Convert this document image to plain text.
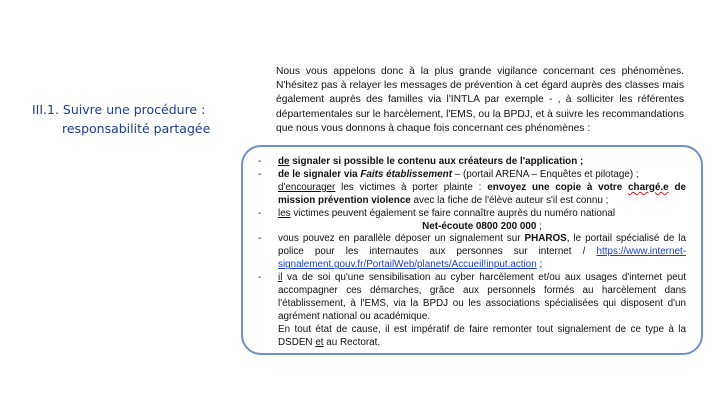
III.1. Suivre une procédure :
responsabilité partagée

Nous vous appelons donc à la plus grande vigilance concernant ces phénomènes. N'hésitez pas à relayer les messages de prévention à cet égard auprès des classes mais également auprès des familles via l'INTLA par exemple - , à solliciter les référentes départementales sur le harcèlement, l'EMS, ou la BPDJ, et à suivre les recommandations que nous vous donnons à chaque fois concernant ces phénomènes :

-	de signaler si possible le contenu aux créateurs de l'application ;
-	de le signaler via Faits établissement – (portail ARENA – Enquêtes et pilotage) ;
d'encourager les victimes à porter plainte : envoyez une copie à votre chargé.e de mission prévention violence avec la fiche de l'élève auteur s'il est connu ;
-	les victimes peuvent également se faire connaître auprès du numéro national
Net-écoute 0800 200 000 ;
-	vous pouvez en parallèle déposer un signalement sur PHAROS, le portail spécialisé de la police pour les internautes aux personnes sur internet / https://www.internet-signalement.gouv.fr/PortailWeb/planets/Accueil!input.action ;
-	il va de soi qu'une sensibilisation au cyber harcèlement et/ou aux usages d'internet peut accompagner ces démarches, grâce aux personnels formés au harcèlement dans l'établissement, à l'EMS, via la BPDJ ou les associations spécialisées qui disposent d'un agrément national ou académique.
En tout état de cause, il est impératif de faire remonter tout signalement de ce type à la DSDEN et au Rectorat.
